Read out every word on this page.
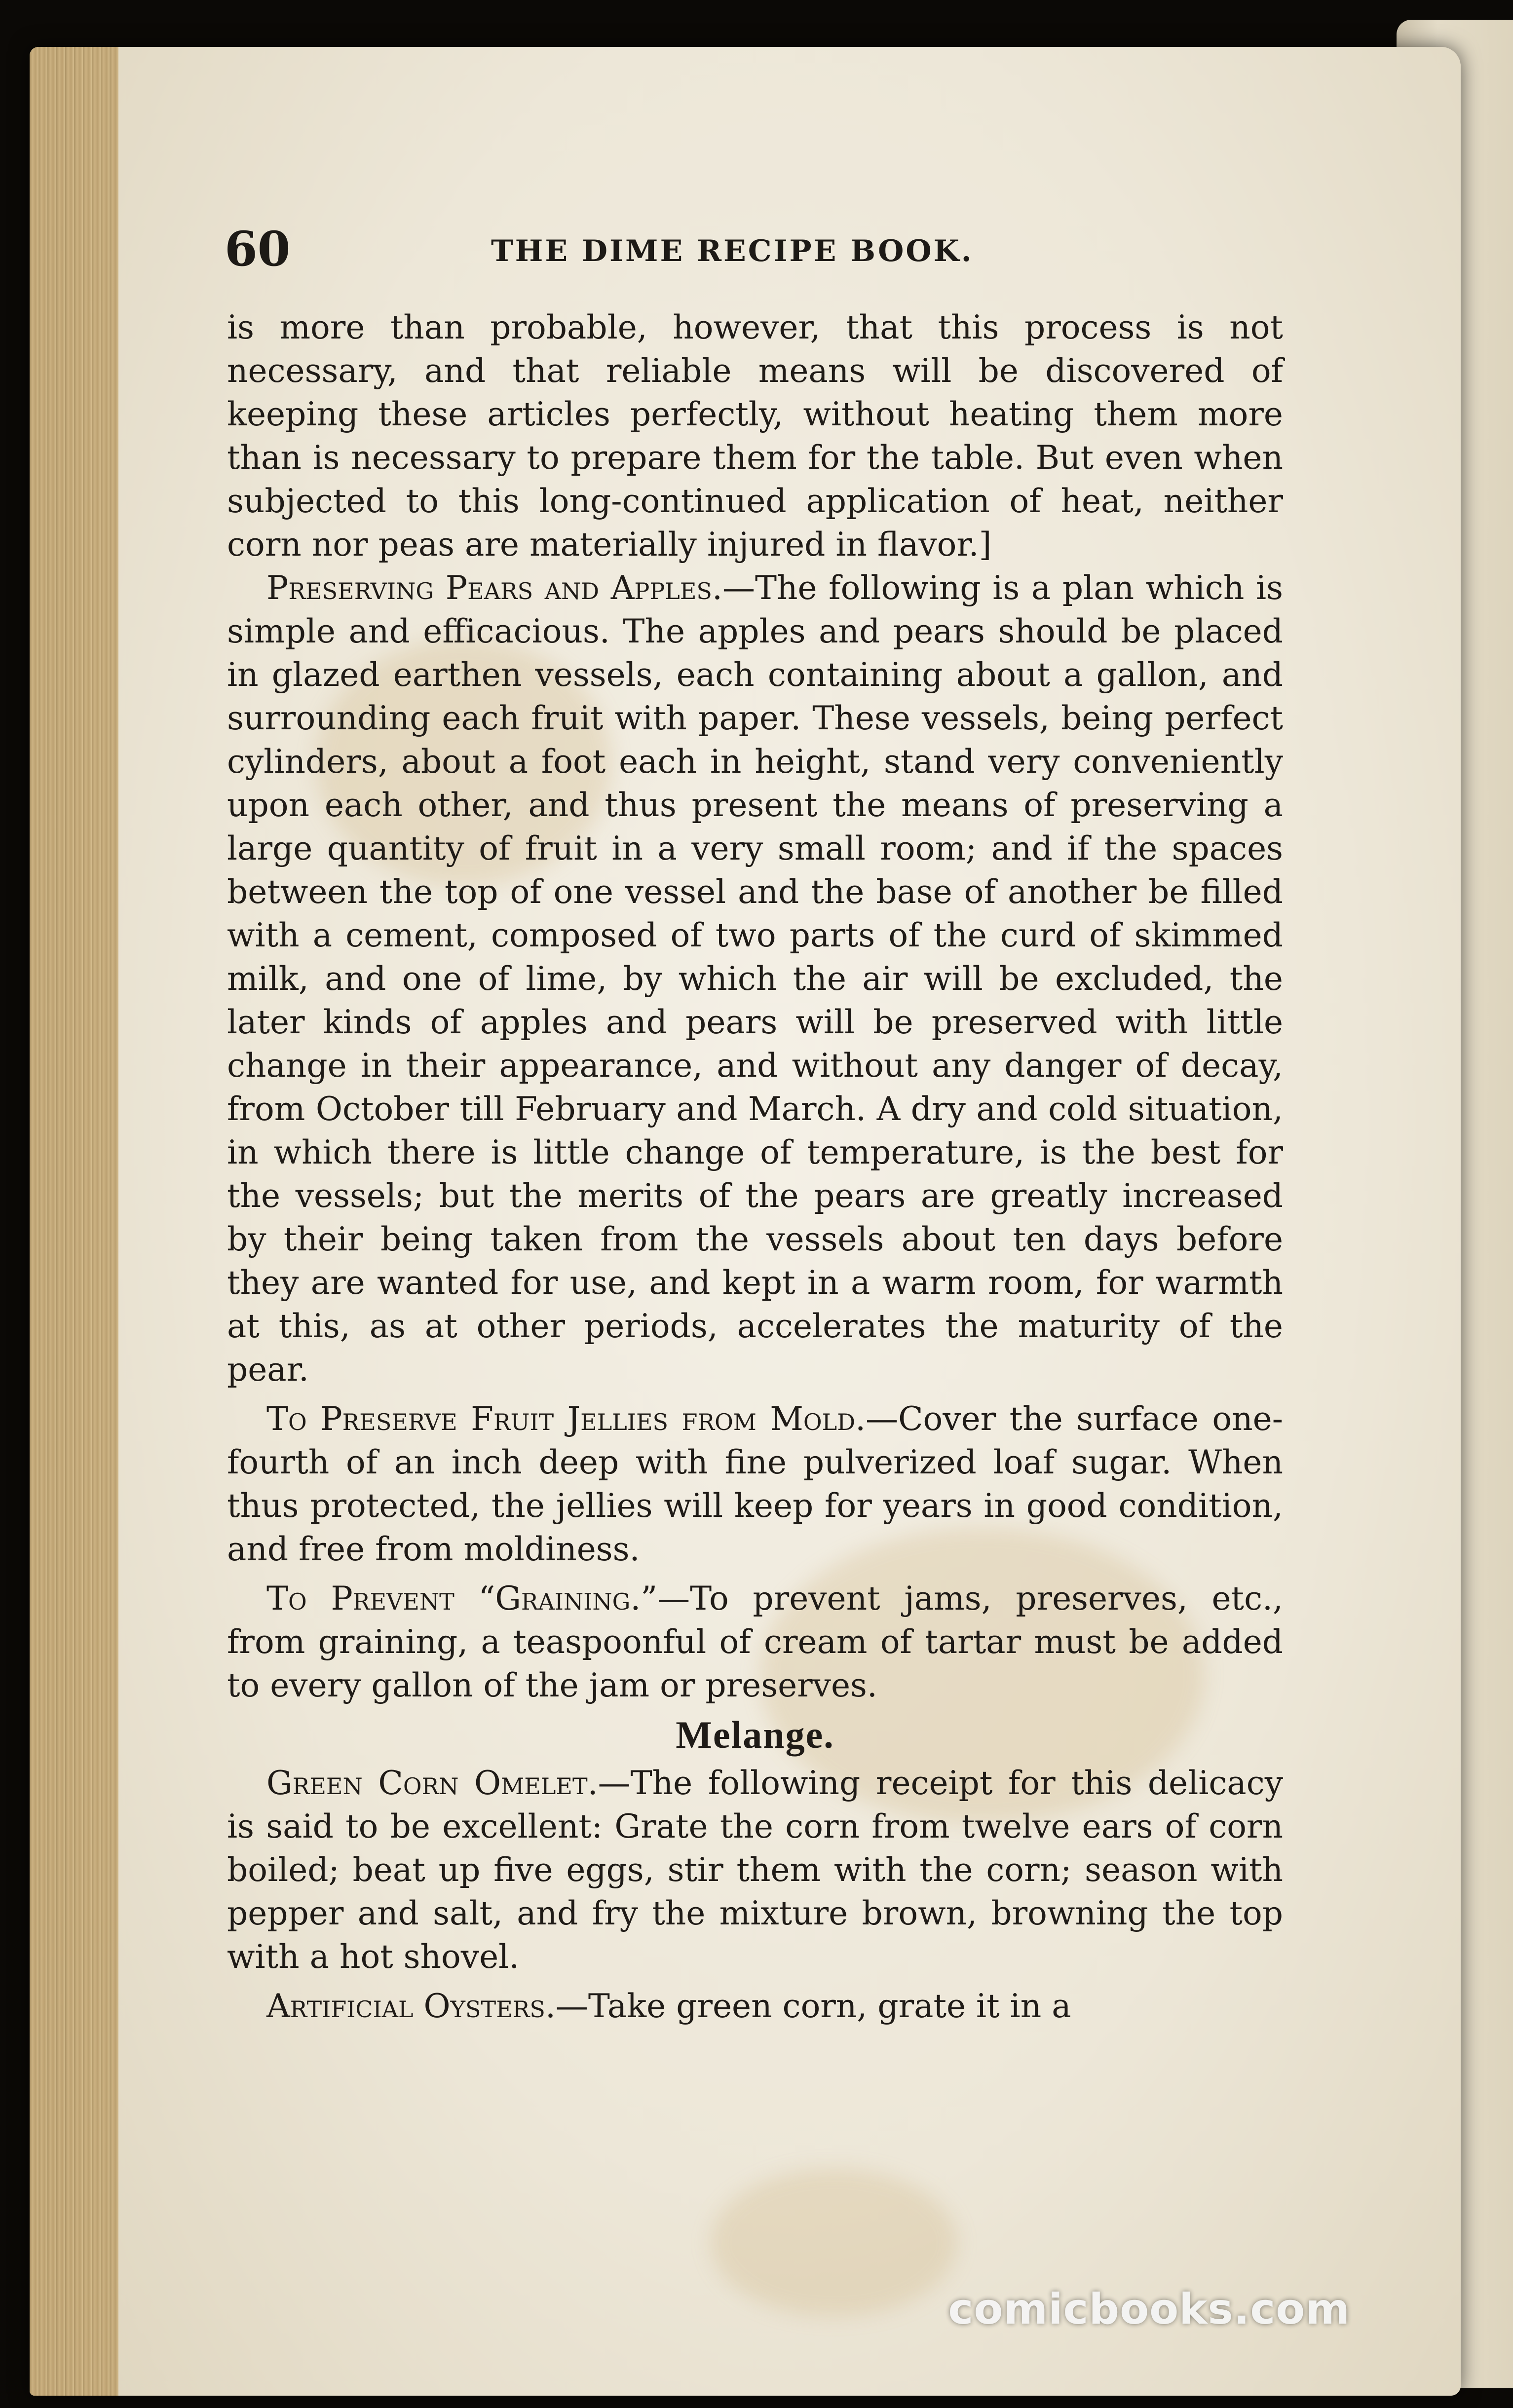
60	THE DIME RECIPE BOOK.

is more than probable, however, that this process is not necessary, and that reliable means will be discovered of keeping these articles perfectly, without heating them more than is necessary to prepare them for the table. But even when subjected to this long-continued application of heat, neither corn nor peas are materially injured in flavor.]

Preserving Pears and Apples.—The following is a plan which is simple and efficacious. The apples and pears should be placed in glazed earthen vessels, each containing about a gallon, and surrounding each fruit with paper. These vessels, being perfect cylinders, about a foot each in height, stand very conveniently upon each other, and thus present the means of preserving a large quantity of fruit in a very small room; and if the spaces between the top of one vessel and the base of another be filled with a cement, composed of two parts of the curd of skimmed milk, and one of lime, by which the air will be excluded, the later kinds of apples and pears will be preserved with little change in their appearance, and without any danger of decay, from October till February and March. A dry and cold situation, in which there is little change of temperature, is the best for the vessels; but the merits of the pears are greatly increased by their being taken from the vessels about ten days before they are wanted for use, and kept in a warm room, for warmth at this, as at other periods, accelerates the maturity of the pear.

To Preserve Fruit Jellies from Mold.—Cover the surface one-fourth of an inch deep with fine pulverized loaf sugar. When thus protected, the jellies will keep for years in good condition, and free from moldiness.

To Prevent “Graining.”—To prevent jams, preserves, etc., from graining, a teaspoonful of cream of tartar must be added to every gallon of the jam or preserves.

Melange.

Green Corn Omelet.—The following receipt for this delicacy is said to be excellent: Grate the corn from twelve ears of corn boiled; beat up five eggs, stir them with the corn; season with pepper and salt, and fry the mixture brown, browning the top with a hot shovel.

Artificial Oysters.—Take green corn, grate it in a

comicbooks.com
